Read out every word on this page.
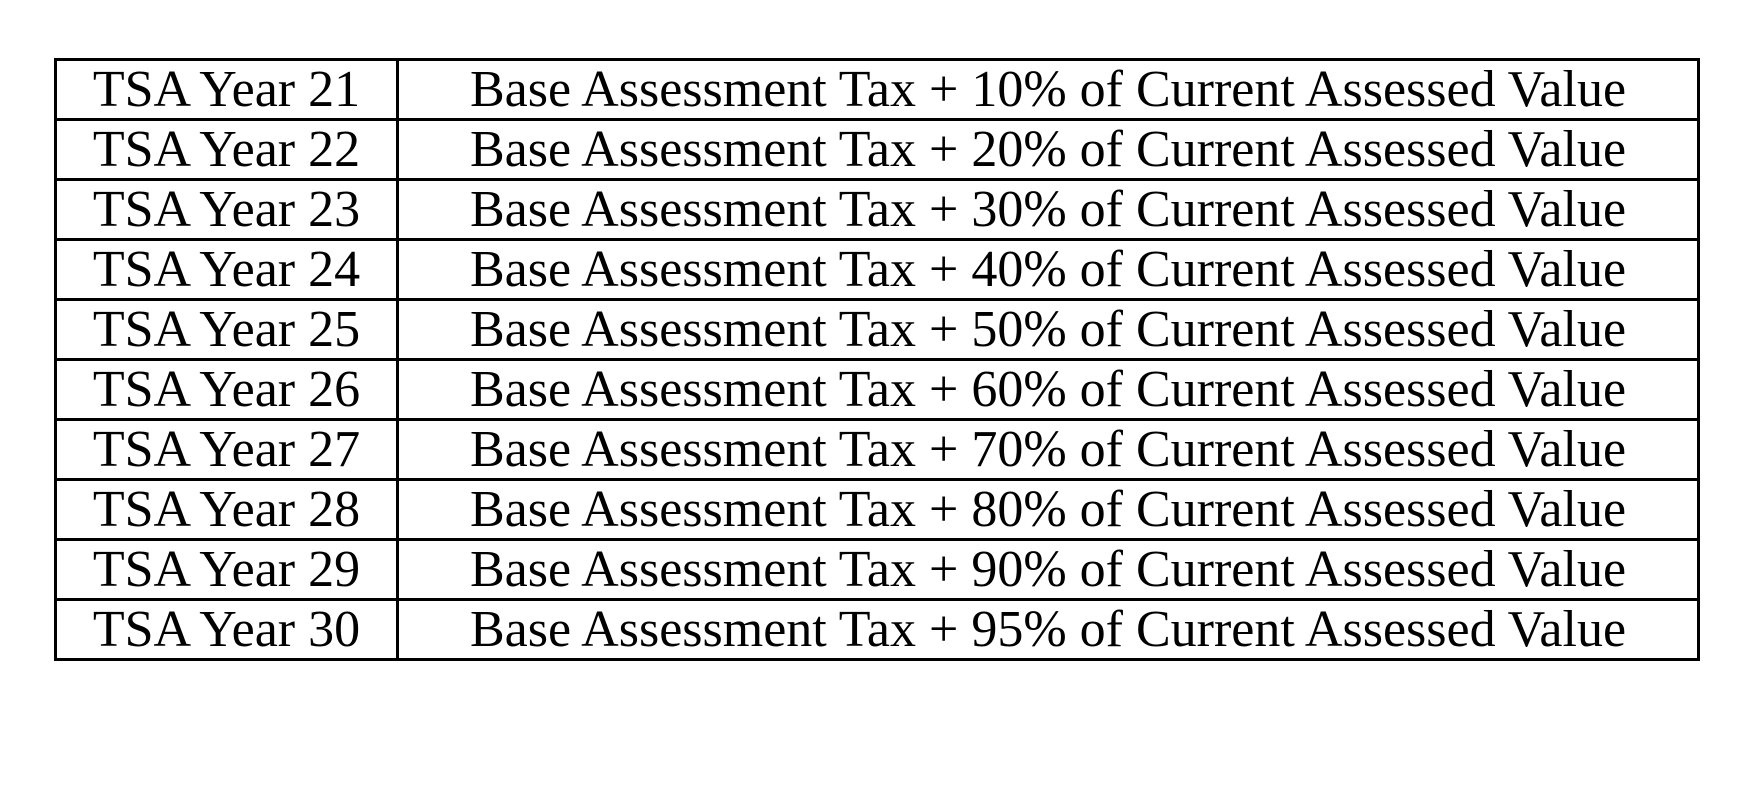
TSA Year 21	Base Assessment Tax + 10% of Current Assessed Value
TSA Year 22	Base Assessment Tax + 20% of Current Assessed Value
TSA Year 23	Base Assessment Tax + 30% of Current Assessed Value
TSA Year 24	Base Assessment Tax + 40% of Current Assessed Value
TSA Year 25	Base Assessment Tax + 50% of Current Assessed Value
TSA Year 26	Base Assessment Tax + 60% of Current Assessed Value
TSA Year 27	Base Assessment Tax + 70% of Current Assessed Value
TSA Year 28	Base Assessment Tax + 80% of Current Assessed Value
TSA Year 29	Base Assessment Tax + 90% of Current Assessed Value
TSA Year 30	Base Assessment Tax + 95% of Current Assessed Value
